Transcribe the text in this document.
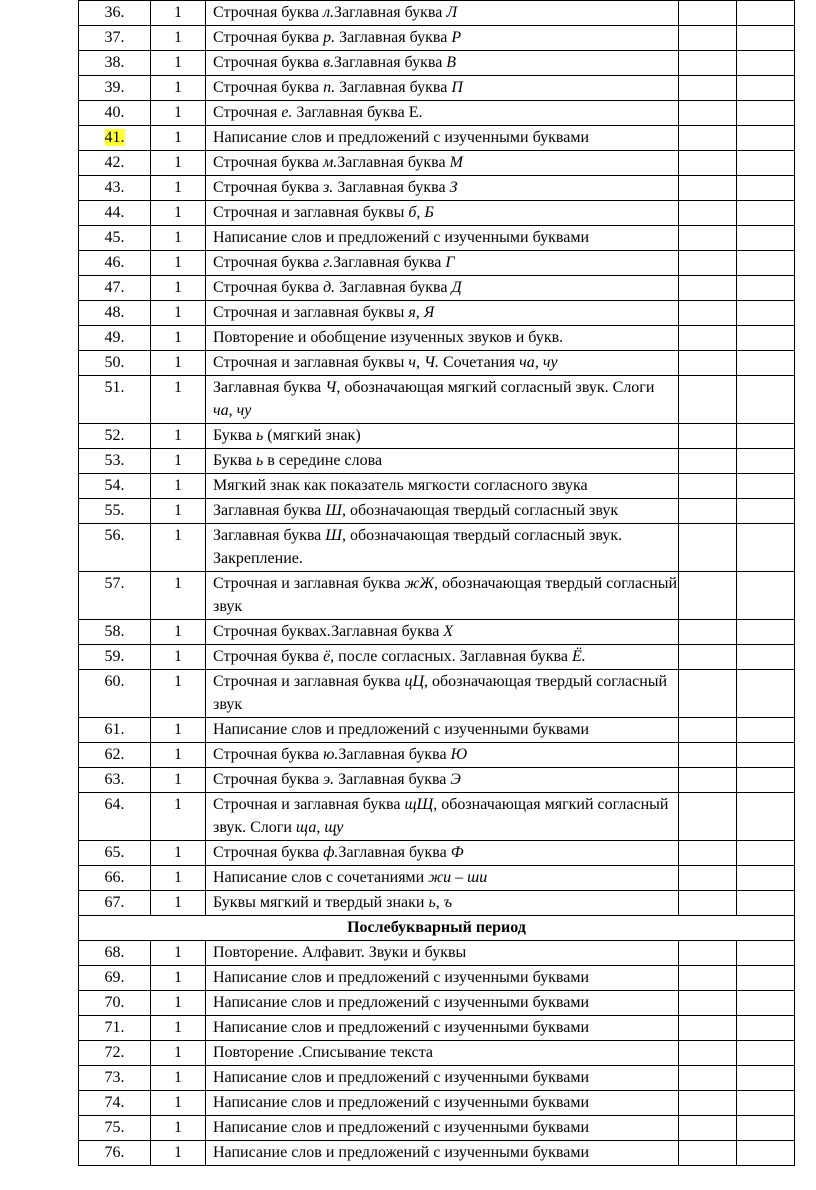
36.	1	Строчная буква л.Заглавная буква Л		
37.	1	Строчная буква р. Заглавная буква Р		
38.	1	Строчная буква в.Заглавная буква В		
39.	1	Строчная буква п. Заглавная буква П		
40.	1	Строчная е. Заглавная буква Е.		
41.	1	Написание слов и предложений с изученными буквами		
42.	1	Строчная буква м.Заглавная буква М		
43.	1	Строчная буква з. Заглавная буква З		
44.	1	Строчная и заглавная буквы б, Б		
45.	1	Написание слов и предложений с изученными буквами		
46.	1	Строчная буква г.Заглавная буква Г		
47.	1	Строчная буква д. Заглавная буква Д		
48.	1	Строчная и заглавная буквы я, Я		
49.	1	Повторение и обобщение изученных звуков и букв.		
50.	1	Строчная и заглавная буквы ч, Ч. Сочетания ча, чу		
51.	1	Заглавная буква Ч, обозначающая мягкий согласный звук. Слоги ча, чу		
52.	1	Буква ь (мягкий знак)		
53.	1	Буква ь в середине слова		
54.	1	Мягкий знак как показатель мягкости согласного звука		
55.	1	Заглавная буква Ш, обозначающая твердый согласный звук		
56.	1	Заглавная буква Ш, обозначающая твердый согласный звук. Закрепление.		
57.	1	Строчная и заглавная буква жЖ, обозначающая твердый согласный звук		
58.	1	Строчная буквах.Заглавная буква Х		
59.	1	Строчная буква ё, после согласных. Заглавная буква Ё.		
60.	1	Строчная и заглавная буква цЦ, обозначающая твердый согласный звук		
61.	1	Написание слов и предложений с изученными буквами		
62.	1	Строчная буква ю.Заглавная буква Ю		
63.	1	Строчная буква э. Заглавная буква Э		
64.	1	Строчная и заглавная буква щЩ, обозначающая мягкий согласный звук. Слоги ща, щу		
65.	1	Строчная буква ф.Заглавная буква Ф		
66.	1	Написание слов с сочетаниями жи – ши		
67.	1	Буквы мягкий и твердый знаки ь, ъ		
Послебукварный период				
68.	1	Повторение. Алфавит. Звуки и буквы		
69.	1	Написание слов и предложений с изученными буквами		
70.	1	Написание слов и предложений с изученными буквами		
71.	1	Написание слов и предложений с изученными буквами		
72.	1	Повторение .Списывание текста		
73.	1	Написание слов и предложений с изученными буквами		
74.	1	Написание слов и предложений с изученными буквами		
75.	1	Написание слов и предложений с изученными буквами		
76.	1	Написание слов и предложений с изученными буквами		
